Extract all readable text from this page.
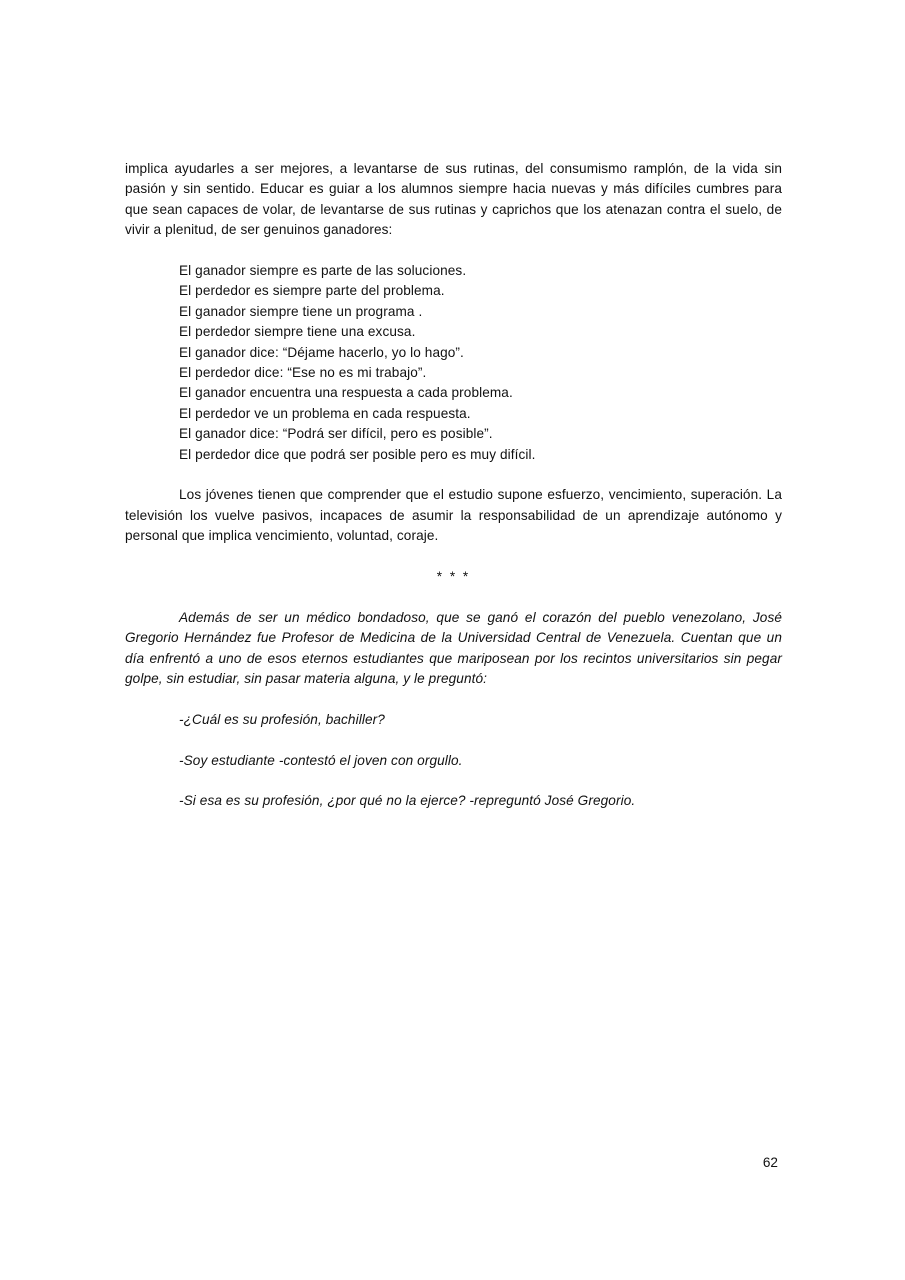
implica ayudarles a ser mejores, a levantarse de sus rutinas, del consumismo ramplón, de la vida sin pasión y sin sentido. Educar es guiar a los alumnos siempre hacia nuevas y más difíciles cumbres para que sean capaces de volar, de levantarse de sus rutinas y caprichos que los atenazan contra el suelo, de vivir a plenitud, de ser genuinos ganadores:

El ganador siempre es parte de las soluciones.
El perdedor es siempre parte del problema.
El ganador siempre tiene un programa .
El perdedor siempre tiene una excusa.
El ganador dice: “Déjame hacerlo, yo lo hago”.
El perdedor dice: “Ese no es mi trabajo”.
El ganador encuentra una respuesta a cada problema.
El perdedor ve un problema en cada respuesta.
El ganador dice: “Podrá ser difícil, pero es posible”.
El perdedor dice que podrá ser posible pero es muy difícil.

Los jóvenes tienen que comprender que el estudio supone esfuerzo, vencimiento, superación. La televisión los vuelve pasivos, incapaces de asumir la responsabilidad de un aprendizaje autónomo y personal que implica vencimiento, voluntad, coraje.

* * *

Además de ser un médico bondadoso, que se ganó el corazón del pueblo venezolano, José Gregorio Hernández fue Profesor de Medicina de la Universidad Central de Venezuela. Cuentan que un día enfrentó a uno de esos eternos estudiantes que mariposean por los recintos universitarios sin pegar golpe, sin estudiar, sin pasar materia alguna, y le preguntó:

-¿Cuál es su profesión, bachiller?

-Soy estudiante -contestó el joven con orgullo.

-Si esa es su profesión, ¿por qué no la ejerce? -repreguntó José Gregorio.

62
